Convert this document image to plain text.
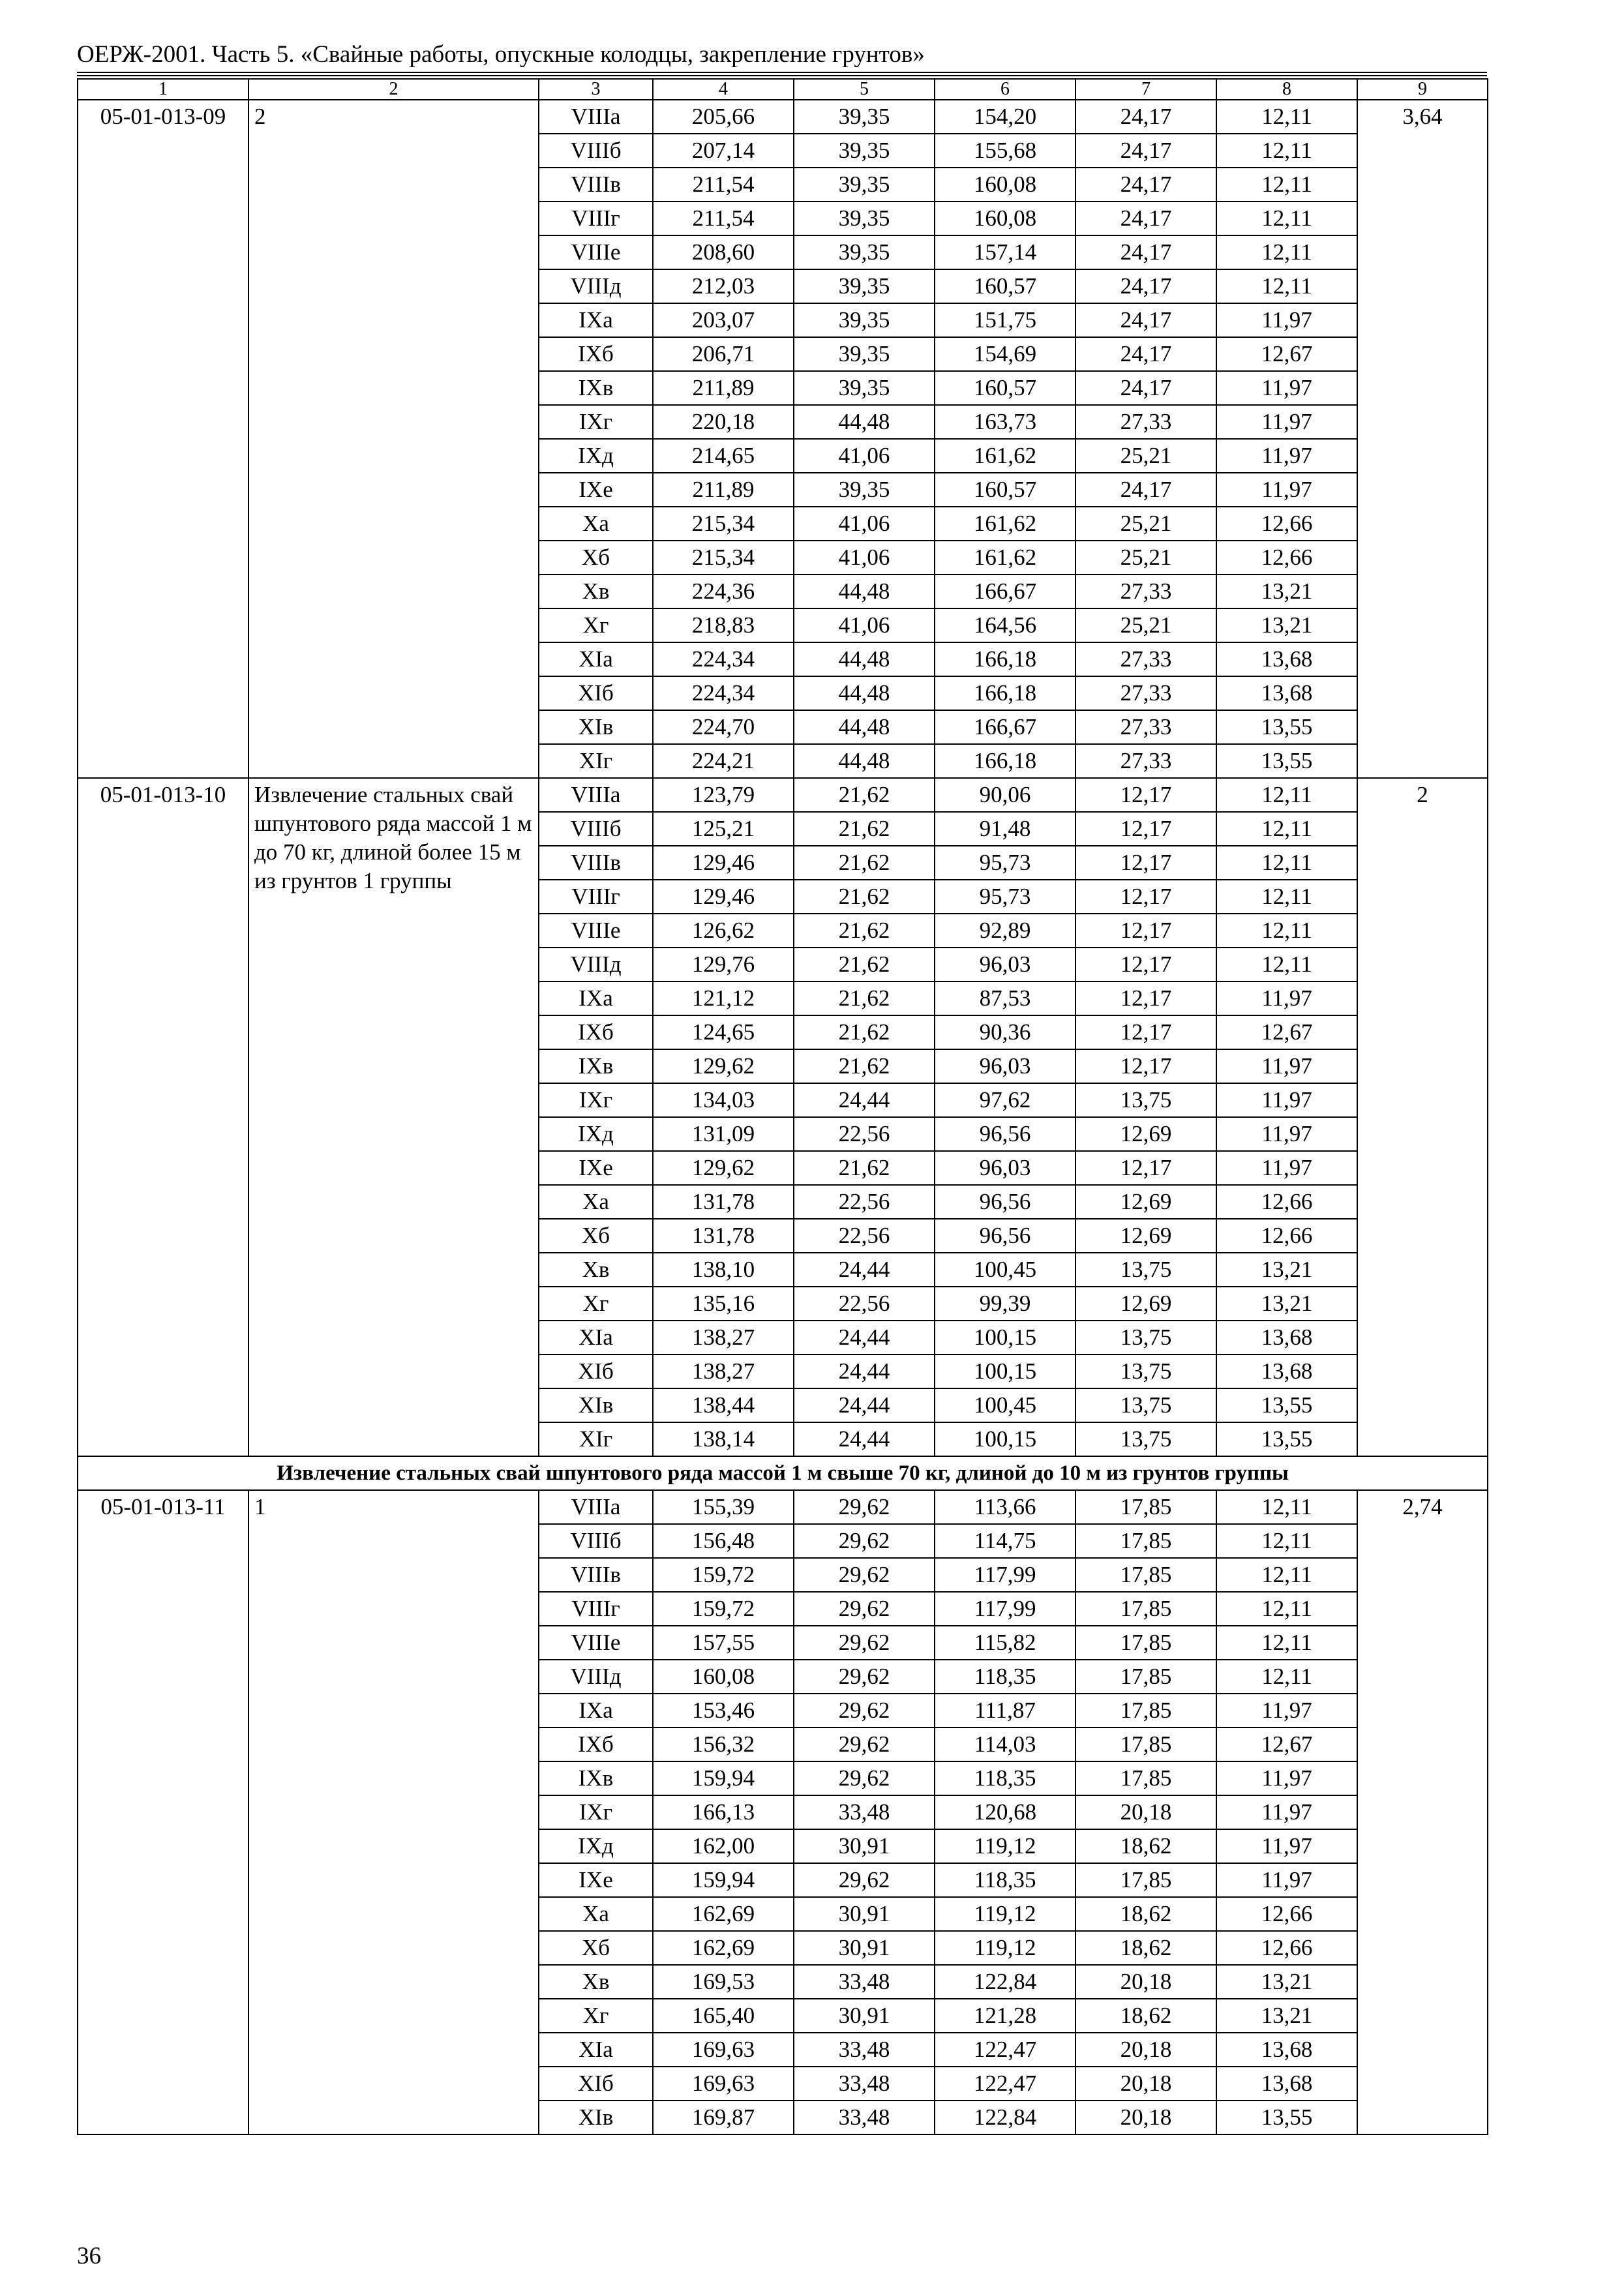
ОЕРЖ-2001. Часть 5. «Свайные работы, опускные колодцы, закрепление грунтов»
1	2	3	4	5	6	7	8	9
05-01-013-09	2	VIIIа	205,66	39,35	154,20	24,17	12,11	3,64
		VIIIб	207,14	39,35	155,68	24,17	12,11	
		VIIIв	211,54	39,35	160,08	24,17	12,11	
		VIIIг	211,54	39,35	160,08	24,17	12,11	
		VIIIе	208,60	39,35	157,14	24,17	12,11	
		VIIIд	212,03	39,35	160,57	24,17	12,11	
		IXа	203,07	39,35	151,75	24,17	11,97	
		IXб	206,71	39,35	154,69	24,17	12,67	
		IXв	211,89	39,35	160,57	24,17	11,97	
		IXг	220,18	44,48	163,73	27,33	11,97	
		IXд	214,65	41,06	161,62	25,21	11,97	
		IXе	211,89	39,35	160,57	24,17	11,97	
		Xа	215,34	41,06	161,62	25,21	12,66	
		Xб	215,34	41,06	161,62	25,21	12,66	
		Xв	224,36	44,48	166,67	27,33	13,21	
		Xг	218,83	41,06	164,56	25,21	13,21	
		XIа	224,34	44,48	166,18	27,33	13,68	
		XIб	224,34	44,48	166,18	27,33	13,68	
		XIв	224,70	44,48	166,67	27,33	13,55	
		XIг	224,21	44,48	166,18	27,33	13,55	
05-01-013-10	Извлечение стальных свай шпунтового ряда массой 1 м до 70 кг, длиной более 15 м из грунтов 1 группы	VIIIа	123,79	21,62	90,06	12,17	12,11	2
		VIIIб	125,21	21,62	91,48	12,17	12,11	
		VIIIв	129,46	21,62	95,73	12,17	12,11	
		VIIIг	129,46	21,62	95,73	12,17	12,11	
		VIIIе	126,62	21,62	92,89	12,17	12,11	
		VIIIд	129,76	21,62	96,03	12,17	12,11	
		IXа	121,12	21,62	87,53	12,17	11,97	
		IXб	124,65	21,62	90,36	12,17	12,67	
		IXв	129,62	21,62	96,03	12,17	11,97	
		IXг	134,03	24,44	97,62	13,75	11,97	
		IXд	131,09	22,56	96,56	12,69	11,97	
		IXе	129,62	21,62	96,03	12,17	11,97	
		Xа	131,78	22,56	96,56	12,69	12,66	
		Xб	131,78	22,56	96,56	12,69	12,66	
		Xв	138,10	24,44	100,45	13,75	13,21	
		Xг	135,16	22,56	99,39	12,69	13,21	
		XIа	138,27	24,44	100,15	13,75	13,68	
		XIб	138,27	24,44	100,15	13,75	13,68	
		XIв	138,44	24,44	100,45	13,75	13,55	
		XIг	138,14	24,44	100,15	13,75	13,55	
Извлечение стальных свай шпунтового ряда массой 1 м свыше 70 кг, длиной до 10 м из грунтов группы								
05-01-013-11	1	VIIIа	155,39	29,62	113,66	17,85	12,11	2,74
		VIIIб	156,48	29,62	114,75	17,85	12,11	
		VIIIв	159,72	29,62	117,99	17,85	12,11	
		VIIIг	159,72	29,62	117,99	17,85	12,11	
		VIIIе	157,55	29,62	115,82	17,85	12,11	
		VIIIд	160,08	29,62	118,35	17,85	12,11	
		IXа	153,46	29,62	111,87	17,85	11,97	
		IXб	156,32	29,62	114,03	17,85	12,67	
		IXв	159,94	29,62	118,35	17,85	11,97	
		IXг	166,13	33,48	120,68	20,18	11,97	
		IXд	162,00	30,91	119,12	18,62	11,97	
		IXе	159,94	29,62	118,35	17,85	11,97	
		Xа	162,69	30,91	119,12	18,62	12,66	
		Xб	162,69	30,91	119,12	18,62	12,66	
		Xв	169,53	33,48	122,84	20,18	13,21	
		Xг	165,40	30,91	121,28	18,62	13,21	
		XIа	169,63	33,48	122,47	20,18	13,68	
		XIб	169,63	33,48	122,47	20,18	13,68	
		XIв	169,87	33,48	122,84	20,18	13,55	
36
